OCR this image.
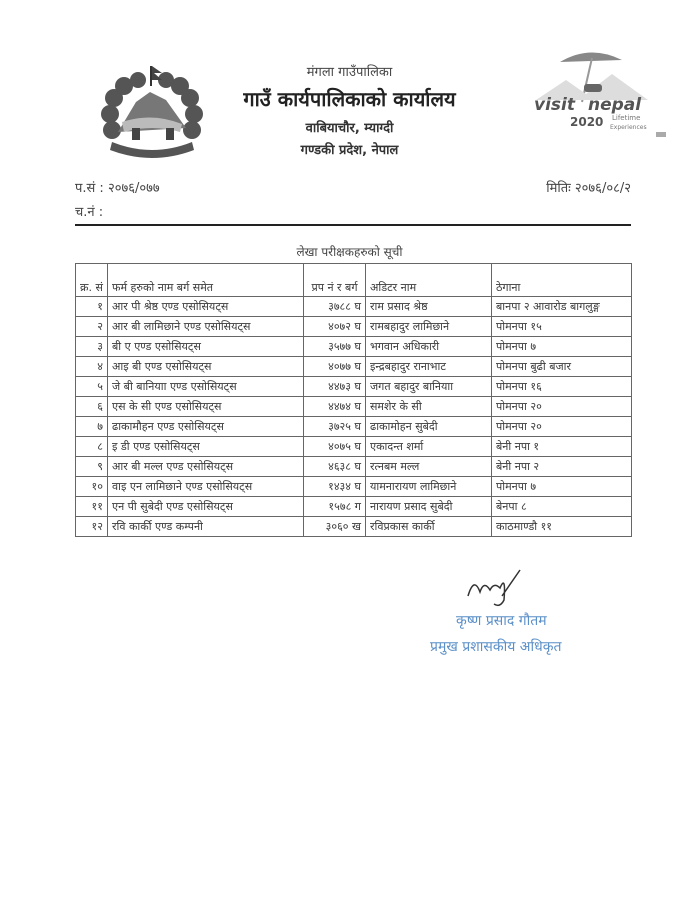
visit nepal
2020 Lifetime
Experiences
मंगला गाउँपालिका
गाउँ कार्यपालिकाको कार्यालय
वाबियाचौर, म्याग्दी
गण्डकी प्रदेश, नेपाल
प.सं : २०७६/०७७
च.नं :
मितिः २०७६/०८/२
लेखा परीक्षकहरुको सूची
क्र. सं	फर्म हरुको नाम बर्ग समेत	प्रप नं र बर्ग	अडिटर नाम	ठेगाना
१	आर पी श्रेष्ठ एण्ड एसोसियट्स	३७८८ घ	राम प्रसाद श्रेष्ठ	बानपा २ आवारोड बागलुङ्ग
२	आर बी लामिछाने एण्ड एसोसियट्स	४०७२ घ	रामबहादुर लामिछाने	पोमनपा १५
३	बी ए एण्ड एसोसियट्स	३५७७ घ	भगवान अधिकारी	पोमनपा ७
४	आइ बी एण्ड एसोसियट्स	४०७७ घ	इन्द्रबहादुर रानाभाट	पोमनपा बुढी बजार
५	जे बी बानियाा एण्ड एसोसियट्स	४४७३ घ	जगत बहादुर बानियाा	पोमनपा १६
६	एस के सी एण्ड एसोसियट्स	४४७४ घ	समशेर के सी	पोमनपा २०
७	ढाकामौहन एण्ड एसोसियट्स	३७२५ घ	ढाकामोहन सुबेदी	पोमनपा २०
८	इ डी एण्ड एसोसियट्स	४०७५ घ	एकादन्त शर्मा	बेनी नपा १
९	आर बी मल्ल एण्ड एसोसियट्स	४६३८ घ	रत्नबम मल्ल	बेनी नपा २
१०	वाइ एन लामिछाने एण्ड एसोसियट्स	१४३४ घ	यामनारायण लामिछाने	पोमनपा ७
११	एन पी सुबेदी एण्ड एसोसियट्स	१५७८ ग	नारायण प्रसाद सुबेदी	बेनपा ८
१२	रवि कार्की एण्ड कम्पनी	३०६० ख	रविप्रकास कार्की	काठमाण्डौ ११
कृष्ण प्रसाद गौतम
प्रमुख प्रशासकीय अधिकृत
